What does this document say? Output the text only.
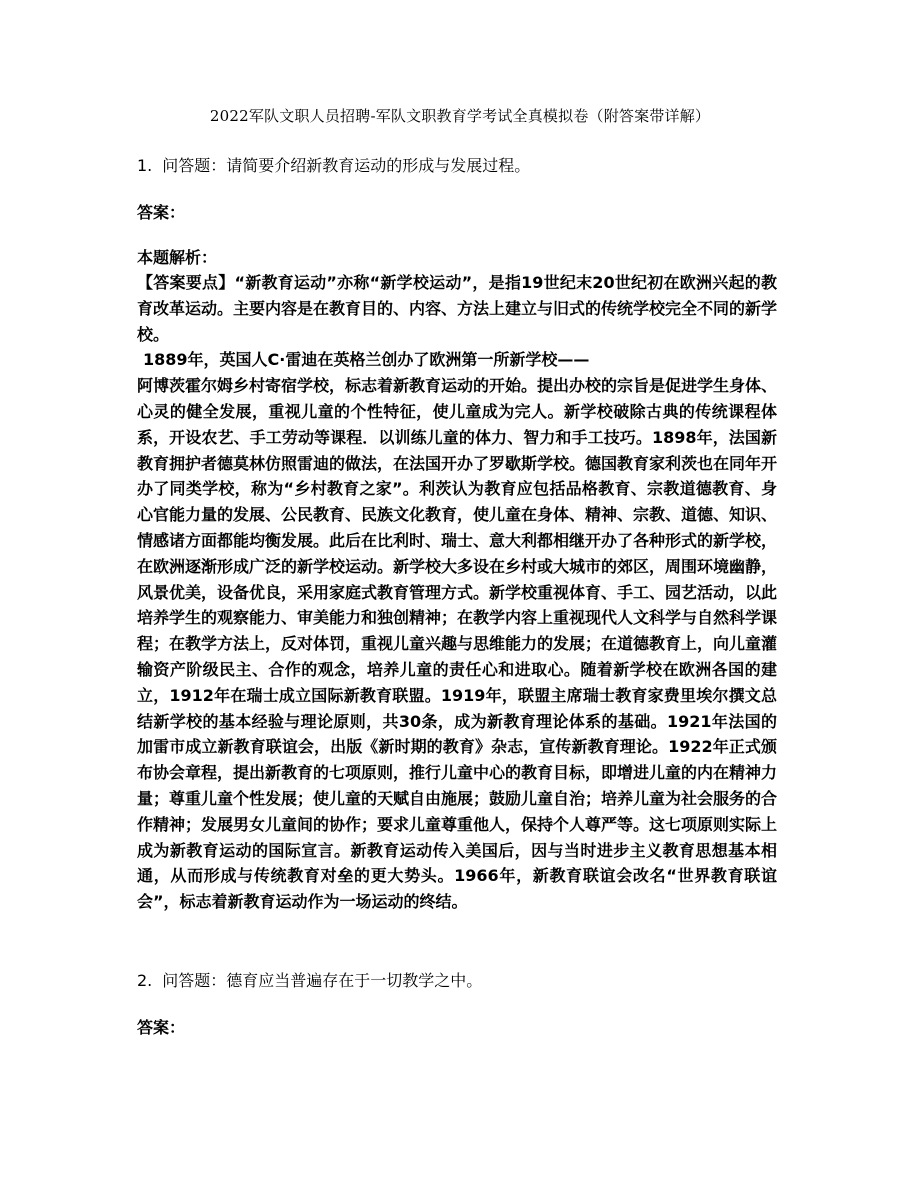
2022军队文职人员招聘-军队文职教育学考试全真模拟卷（附答案带详解）
1. 问答题：请简要介绍新教育运动的形成与发展过程。
答案：
本题解析：

【答案要点】“新教育运动”亦称“新学校运动”，是指19世纪末20世纪初在欧洲兴起的教育改革运动。主要内容是在教育目的、内容、方法上建立与旧式的传统学校完全不同的新学校。

1889年，英国人C·雷迪在英格兰创办了欧洲第一所新学校——

阿博茨霍尔姆乡村寄宿学校，标志着新教育运动的开始。提出办校的宗旨是促进学生身体、心灵的健全发展，重视儿童的个性特征，使儿童成为完人。新学校破除古典的传统课程体系，开设农艺、手工劳动等课程．以训练儿童的体力、智力和手工技巧。1898年，法国新教育拥护者德莫林仿照雷迪的做法，在法国开办了罗歇斯学校。德国教育家利茨也在同年开办了同类学校，称为“乡村教育之家”。利茨认为教育应包括品格教育、宗教道德教育、身心官能力量的发展、公民教育、民族文化教育，使儿童在身体、精神、宗教、道德、知识、情感诸方面都能均衡发展。此后在比利时、瑞士、意大利都相继开办了各种形式的新学校，在欧洲逐渐形成广泛的新学校运动。新学校大多设在乡村或大城市的郊区，周围环境幽静，风景优美，设备优良，采用家庭式教育管理方式。新学校重视体育、手工、园艺活动，以此培养学生的观察能力、审美能力和独创精神；在教学内容上重视现代人文科学与自然科学课程；在教学方法上，反对体罚，重视儿童兴趣与思维能力的发展；在道德教育上，向儿童灌输资产阶级民主、合作的观念，培养儿童的责任心和进取心。随着新学校在欧洲各国的建立，1912年在瑞士成立国际新教育联盟。1919年，联盟主席瑞士教育家费里埃尔撰文总结新学校的基本经验与理论原则，共30条，成为新教育理论体系的基础。1921年法国的加雷市成立新教育联谊会，出版《新时期的教育》杂志，宣传新教育理论。1922年正式颁布协会章程，提出新教育的七项原则，推行儿童中心的教育目标，即增进儿童的内在精神力量；尊重儿童个性发展；使儿童的天赋自由施展；鼓励儿童自治；培养儿童为社会服务的合作精神；发展男女儿童间的协作；要求儿童尊重他人，保持个人尊严等。这七项原则实际上成为新教育运动的国际宣言。新教育运动传入美国后，因与当时进步主义教育思想基本相通，从而形成与传统教育对垒的更大势头。1966年，新教育联谊会改名“世界教育联谊会”，标志着新教育运动作为一场运动的终结。

2. 问答题：德育应当普遍存在于一切教学之中。
答案：
